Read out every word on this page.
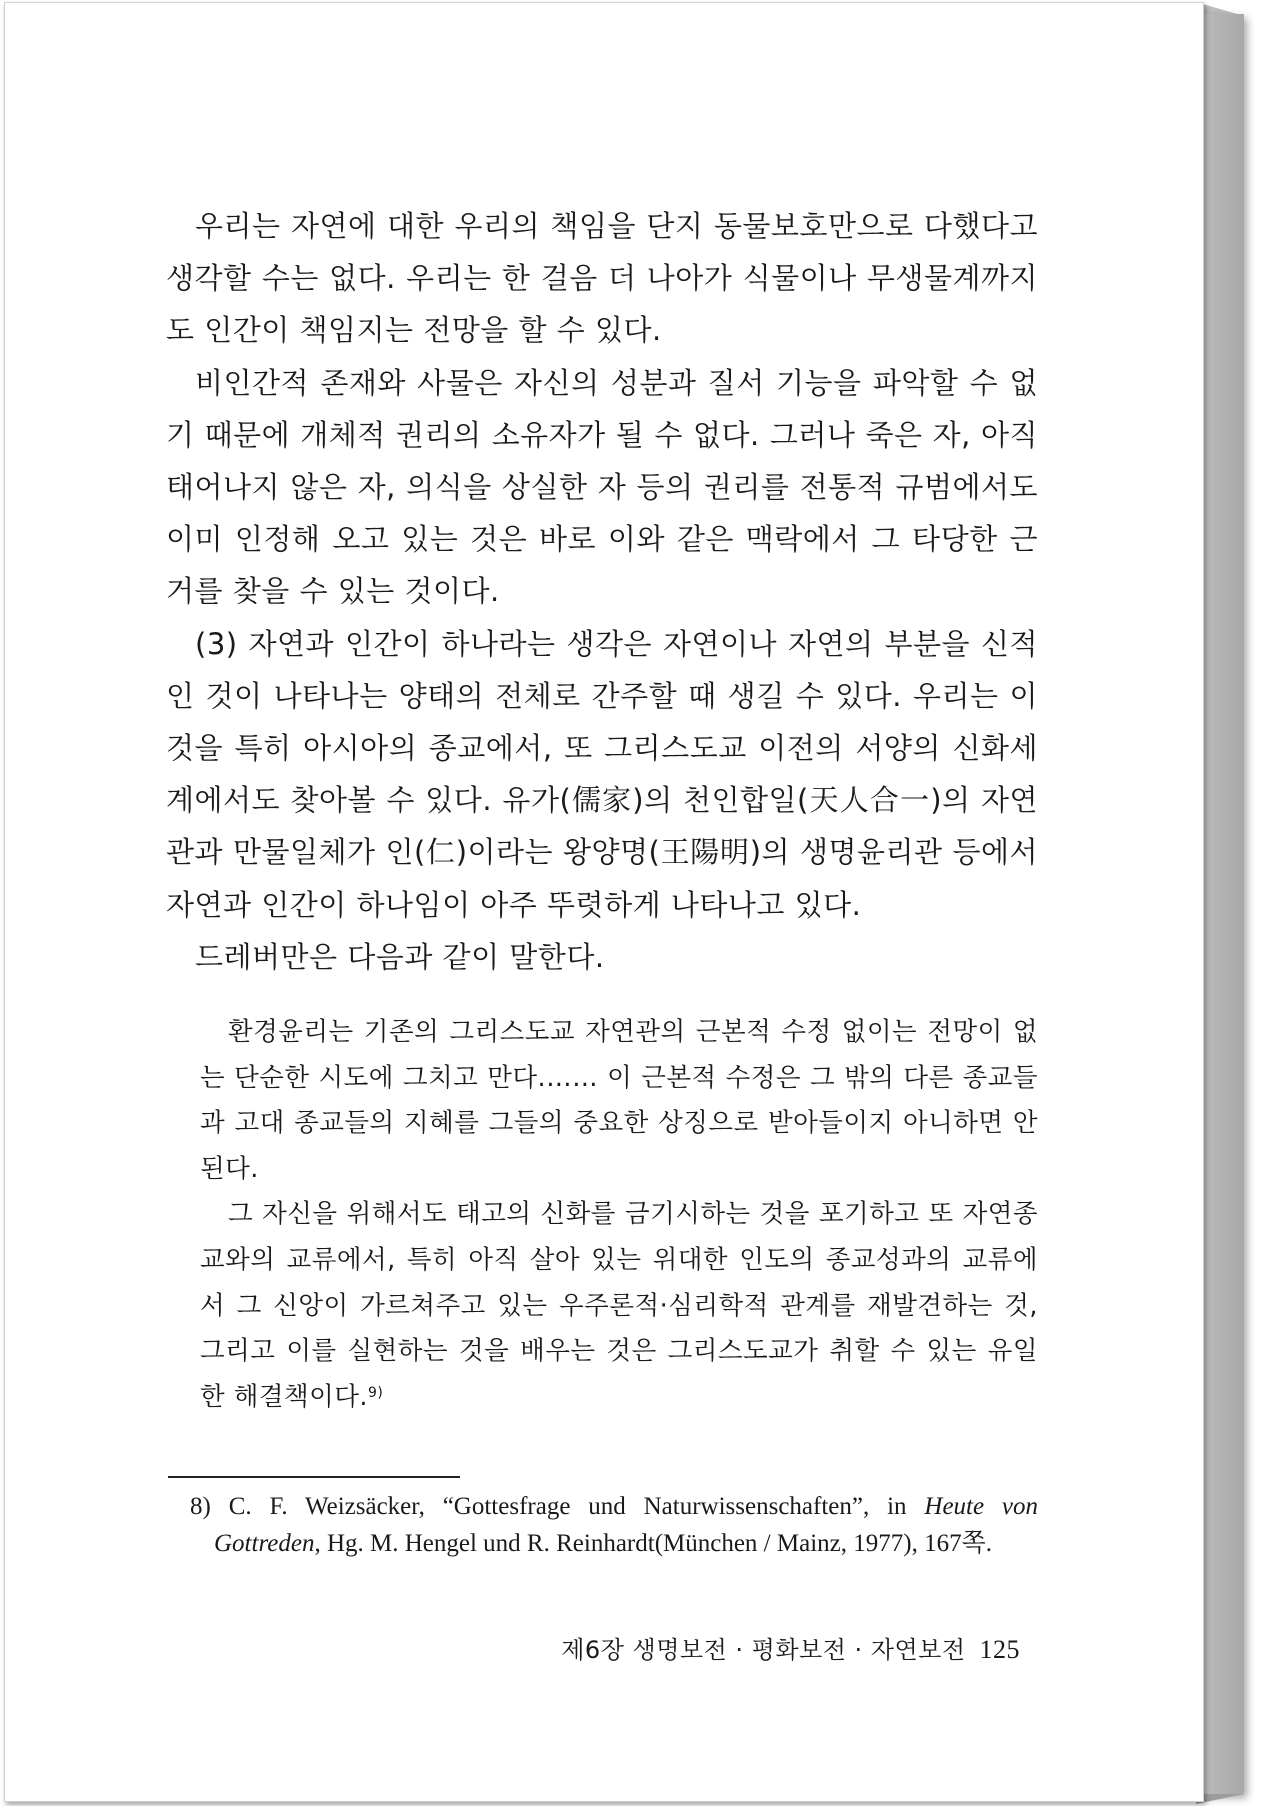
우리는 자연에 대한 우리의 책임을 단지 동물보호만으로 다했다고 생각할 수는 없다. 우리는 한 걸음 더 나아가 식물이나 무생물계까지도 인간이 책임지는 전망을 할 수 있다.

비인간적 존재와 사물은 자신의 성분과 질서 기능을 파악할 수 없기 때문에 개체적 권리의 소유자가 될 수 없다. 그러나 죽은 자, 아직 태어나지 않은 자, 의식을 상실한 자 등의 권리를 전통적 규범에서도 이미 인정해 오고 있는 것은 바로 이와 같은 맥락에서 그 타당한 근거를 찾을 수 있는 것이다.

(3) 자연과 인간이 하나라는 생각은 자연이나 자연의 부분을 신적인 것이 나타나는 양태의 전체로 간주할 때 생길 수 있다. 우리는 이것을 특히 아시아의 종교에서, 또 그리스도교 이전의 서양의 신화세계에서도 찾아볼 수 있다. 유가(儒家)의 천인합일(天人合一)의 자연관과 만물일체가 인(仁)이라는 왕양명(王陽明)의 생명윤리관 등에서 자연과 인간이 하나임이 아주 뚜렷하게 나타나고 있다.

드레버만은 다음과 같이 말한다.

환경윤리는 기존의 그리스도교 자연관의 근본적 수정 없이는 전망이 없는 단순한 시도에 그치고 만다.…… 이 근본적 수정은 그 밖의 다른 종교들과 고대 종교들의 지혜를 그들의 중요한 상징으로 받아들이지 아니하면 안 된다.

그 자신을 위해서도 태고의 신화를 금기시하는 것을 포기하고 또 자연종교와의 교류에서, 특히 아직 살아 있는 위대한 인도의 종교성과의 교류에서 그 신앙이 가르쳐주고 있는 우주론적·심리학적 관계를 재발견하는 것, 그리고 이를 실현하는 것을 배우는 것은 그리스도교가 취할 수 있는 유일한 해결책이다.$^{9)}$

8) C. F. Weizsäcker, “Gottesfrage und Naturwissenschaften”, in Heute von
Gottreden, Hg. M. Hengel und R. Reinhardt(München / Mainz, 1977), 167쪽.
제6장 생명보전 · 평화보전 · 자연보전 125
